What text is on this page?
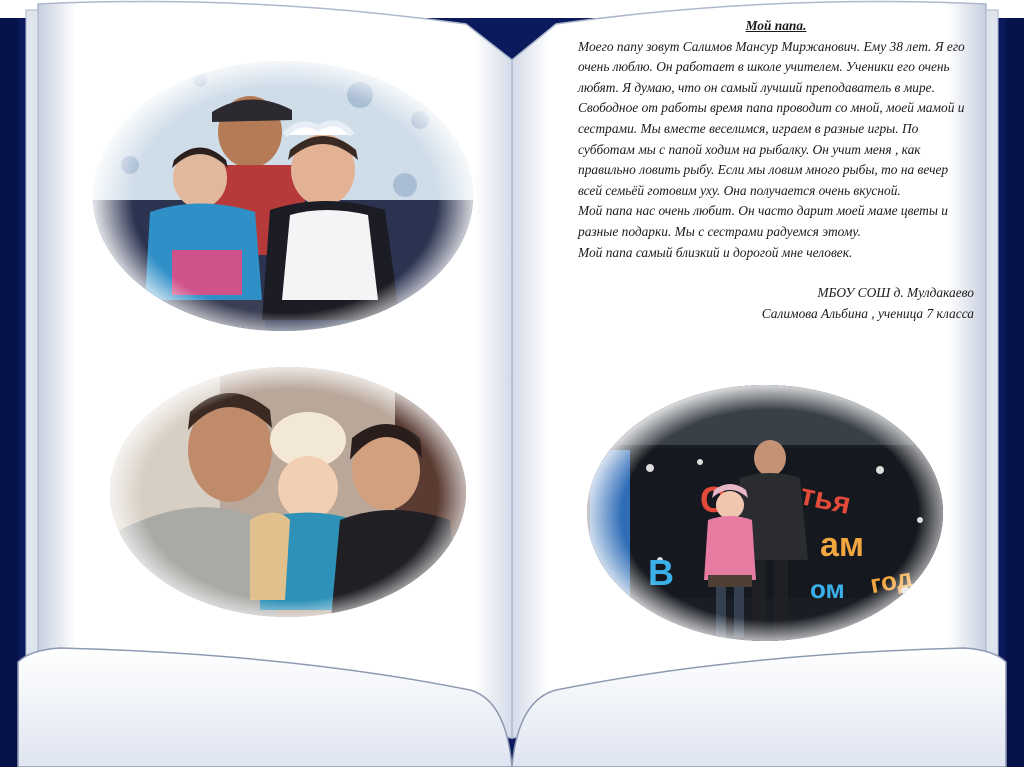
Мой папа.

Моего папу зовут Салимов Мансур Миржанович. Ему 38 лет. Я его очень люблю. Он работает в школе учителем. Ученики его очень любят. Я думаю, что он самый лучший преподаватель в мире. Свободное от работы время папа проводит со мной, моей мамой и сестрами. Мы вместе веселимся, играем в разные игры. По субботам мы с папой ходим на рыбалку. Он учит меня , как правильно ловить рыбу. Если мы ловим много рыбы, то на вечер всей семьёй готовим уху. Она получается очень вкусной.

Мой папа нас очень любит. Он часто дарит моей маме цветы и разные подарки. Мы с сестрами радуемся этому.

Мой папа самый близкий и дорогой мне человек.

МБОУ СОШ д. Мулдакаево
Салимова Альбина , ученица 7 класса
